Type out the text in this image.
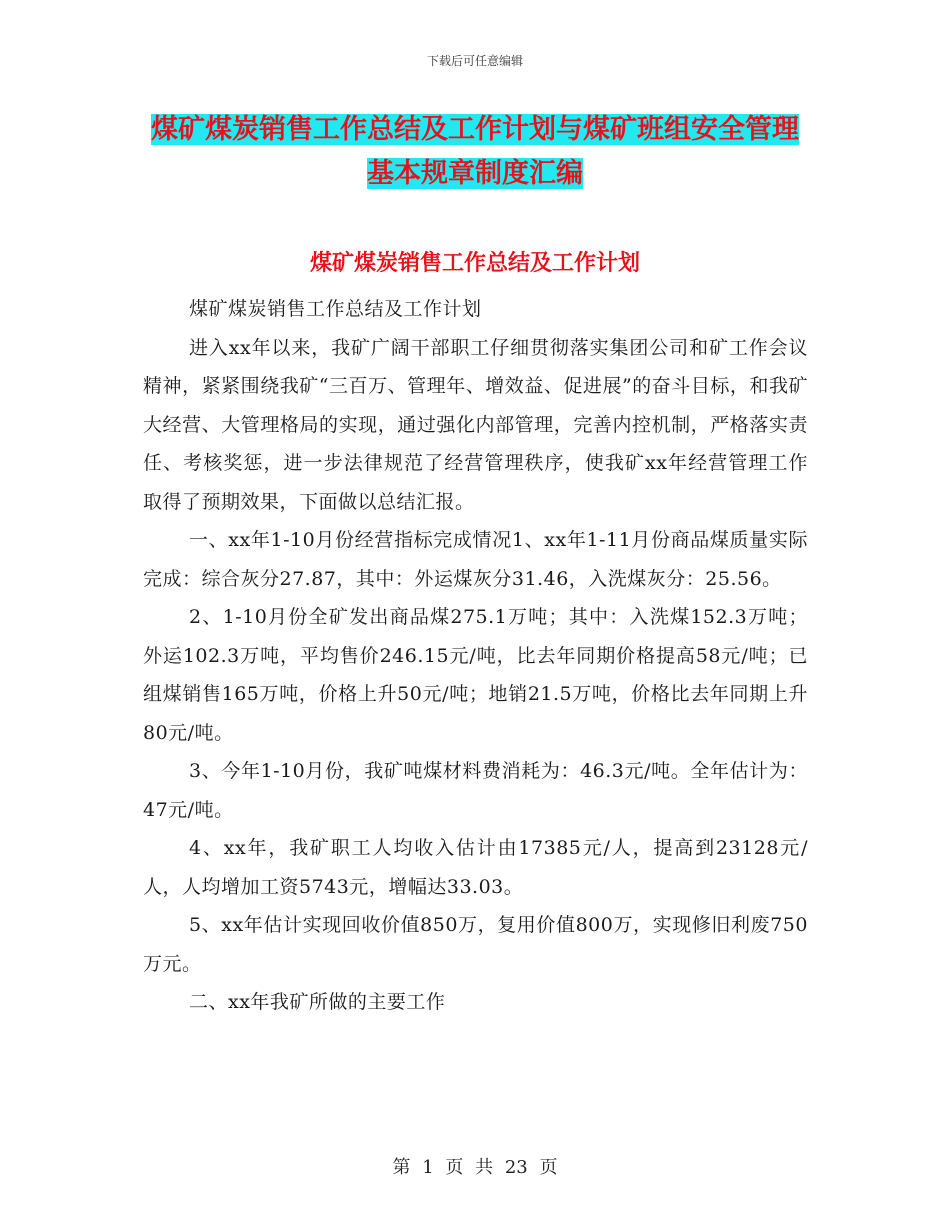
下载后可任意编辑
煤矿煤炭销售工作总结及工作计划与煤矿班组安全管理基本规章制度汇编
煤矿煤炭销售工作总结及工作计划

煤矿煤炭销售工作总结及工作计划

进入xx年以来，我矿广阔干部职工仔细贯彻落实集团公司和矿工作会议精神，紧紧围绕我矿“三百万、管理年、增效益、促进展”的奋斗目标，和我矿大经营、大管理格局的实现，通过强化内部管理，完善内控机制，严格落实责任、考核奖惩，进一步法律规范了经营管理秩序，使我矿xx年经营管理工作取得了预期效果，下面做以总结汇报。

一、xx年1-10月份经营指标完成情况1、xx年1-11月份商品煤质量实际完成：综合灰分27.87，其中：外运煤灰分31.46，入洗煤灰分：25.56。

2、1-10月份全矿发出商品煤275.1万吨；其中：入洗煤152.3万吨；外运102.3万吨，平均售价246.15元/吨，比去年同期价格提高58元/吨；已组煤销售165万吨，价格上升50元/吨；地销21.5万吨，价格比去年同期上升80元/吨。

3、今年1-10月份，我矿吨煤材料费消耗为：46.3元/吨。全年估计为：47元/吨。

4、xx年，我矿职工人均收入估计由17385元/人，提高到23128元/人，人均增加工资5743元，增幅达33.03。

5、xx年估计实现回收价值850万，复用价值800万，实现修旧利废750万元。

二、xx年我矿所做的主要工作

第 1 页 共 23 页
